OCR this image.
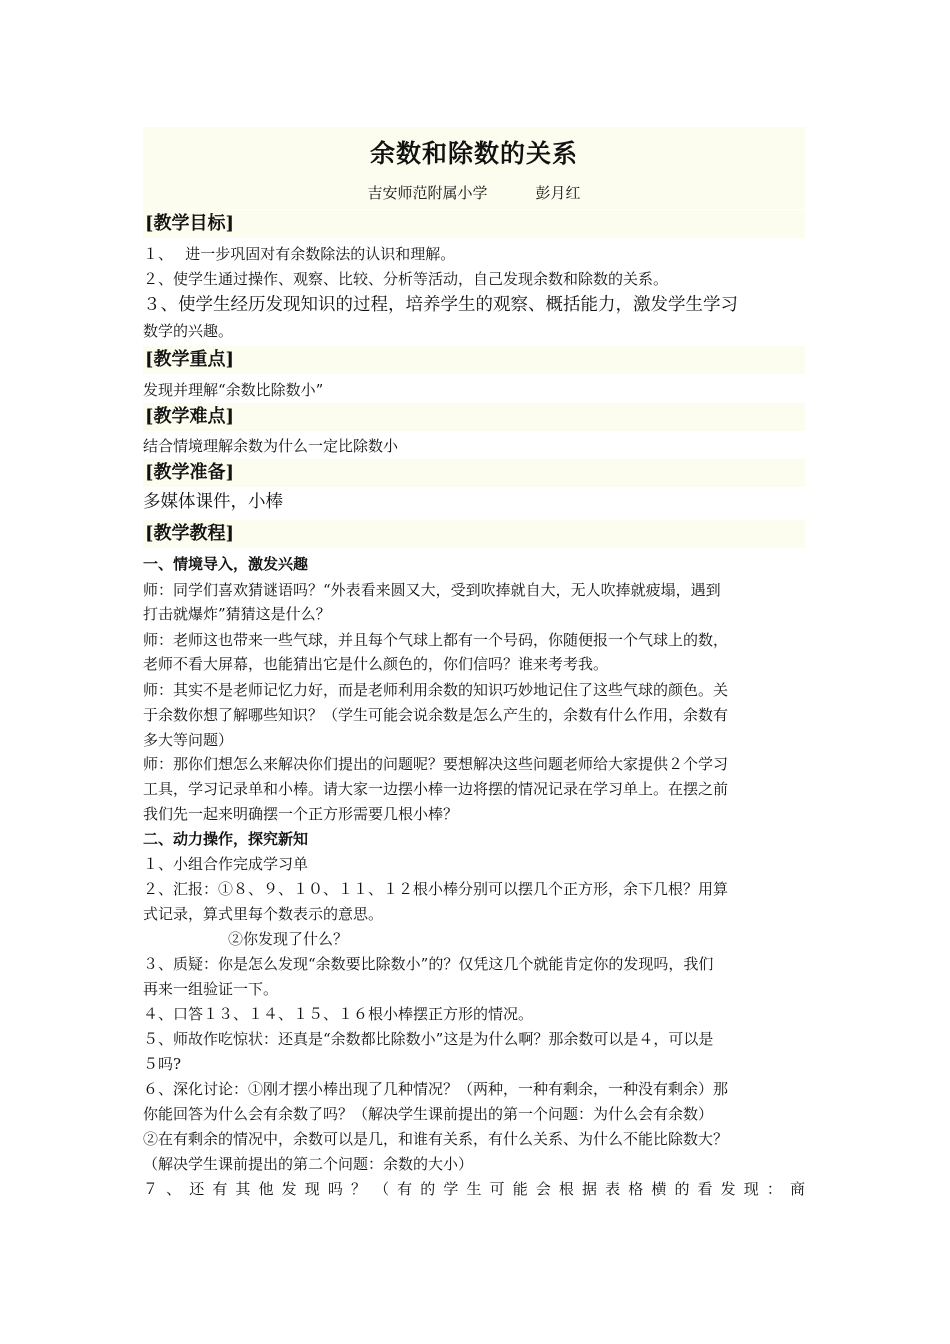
余数和除数的关系
吉安师范附属小学	彭月红
[教学目标]
１、　 进一步巩固对有余数除法的认识和理解。
２、使学生通过操作、观察、比较、分析等活动，自己发现余数和除数的关系。
３、使学生经历发现知识的过程，培养学生的观察、概括能力，激发学生学习
数学的兴趣。
[教学重点]
发现并理解“余数比除数小”
[教学难点]
结合情境理解余数为什么一定比除数小
[教学准备]
多媒体课件，小棒
[教学教程]
一、情境导入，激发兴趣
师：同学们喜欢猜谜语吗？“外表看来圆又大，受到吹捧就自大，无人吹捧就疲塌，遇到
打击就爆炸”猜猜这是什么？
师：老师这也带来一些气球，并且每个气球上都有一个号码，你随便报一个气球上的数，
老师不看大屏幕，也能猜出它是什么颜色的，你们信吗？谁来考考我。
师：其实不是老师记忆力好，而是老师利用余数的知识巧妙地记住了这些气球的颜色。关
于余数你想了解哪些知识？（学生可能会说余数是怎么产生的，余数有什么作用，余数有
多大等问题）
师：那你们想怎么来解决你们提出的问题呢？要想解决这些问题老师给大家提供２个学习
工具，学习记录单和小棒。请大家一边摆小棒一边将摆的情况记录在学习单上。在摆之前
我们先一起来明确摆一个正方形需要几根小棒？
二、动力操作，探究新知
１、小组合作完成学习单
２、汇报：①８、９、１０、１１、１２根小棒分别可以摆几个正方形，余下几根？用算
式记录，算式里每个数表示的意思。
②你发现了什么？
３、质疑：你是怎么发现“余数要比除数小”的？仅凭这几个就能肯定你的发现吗，我们
再来一组验证一下。
４、口答１３、１４、１５、１６根小棒摆正方形的情况。
５、师故作吃惊状：还真是“余数都比除数小”这是为什么啊？那余数可以是４，可以是
５吗?
６、深化讨论：①刚才摆小棒出现了几种情况？（两种，一种有剩余，一种没有剩余）那
你能回答为什么会有余数了吗？（解决学生课前提出的第一个问题：为什么会有余数）
②在有剩余的情况中，余数可以是几，和谁有关系，有什么关系、为什么不能比除数大？
（解决学生课前提出的第二个问题：余数的大小）
７、还有其他发现吗？（有的学生可能会根据表格横的看发现：商
